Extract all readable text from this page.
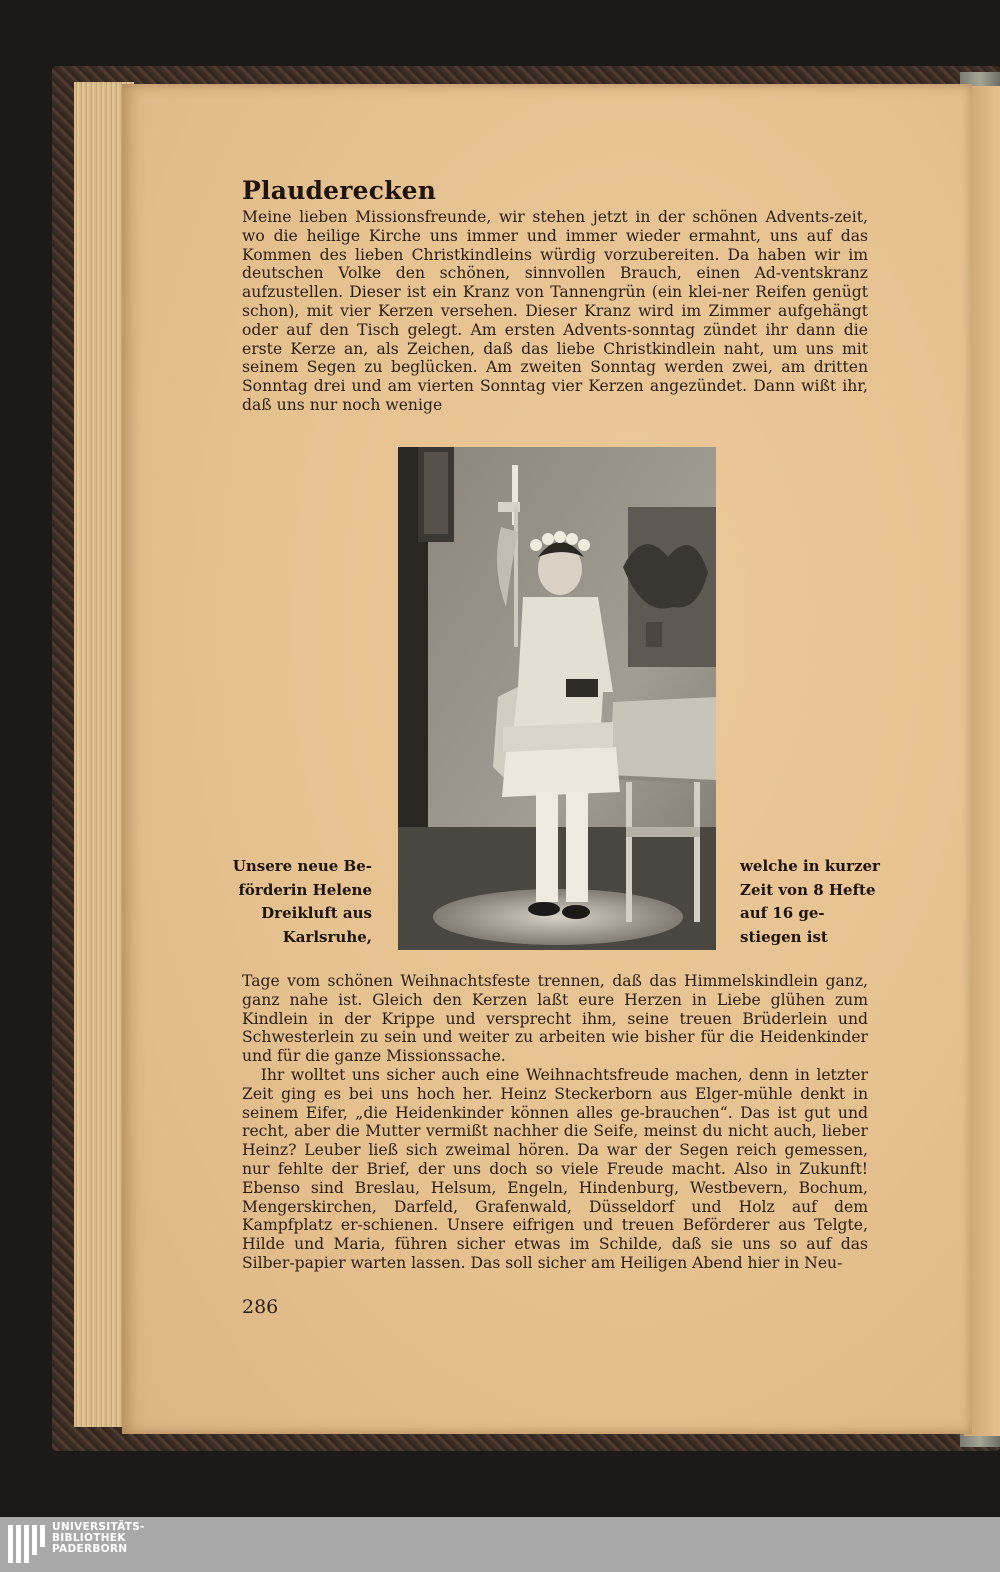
Plauderecken

Meine lieben Missionsfreunde, wir stehen jetzt in der schönen Advents-zeit, wo die heilige Kirche uns immer und immer wieder ermahnt, uns auf das Kommen des lieben Christkindleins würdig vorzubereiten. Da haben wir im deutschen Volke den schönen, sinnvollen Brauch, einen Ad-ventskranz aufzustellen. Dieser ist ein Kranz von Tannengrün (ein klei-ner Reifen genügt schon), mit vier Kerzen versehen. Dieser Kranz wird im Zimmer aufgehängt oder auf den Tisch gelegt. Am ersten Advents-sonntag zündet ihr dann die erste Kerze an, als Zeichen, daß das liebe Christkindlein naht, um uns mit seinem Segen zu beglücken. Am zweiten Sonntag werden zwei, am dritten Sonntag drei und am vierten Sonntag vier Kerzen angezündet. Dann wißt ihr, daß uns nur noch wenige

Unsere neue Be-förderin Helene Dreikluft aus Karlsruhe,
welche in kurzer Zeit von 8 Hefte auf 16 ge-stiegen ist

Tage vom schönen Weihnachtsfeste trennen, daß das Himmelskindlein ganz, ganz nahe ist. Gleich den Kerzen laßt eure Herzen in Liebe glühen zum Kindlein in der Krippe und versprecht ihm, seine treuen Brüderlein und Schwesterlein zu sein und weiter zu arbeiten wie bisher für die Heidenkinder und für die ganze Missionssache.

Ihr wolltet uns sicher auch eine Weihnachtsfreude machen, denn in letzter Zeit ging es bei uns hoch her. Heinz Steckerborn aus Elger-mühle denkt in seinem Eifer, „die Heidenkinder können alles ge-brauchen“. Das ist gut und recht, aber die Mutter vermißt nachher die Seife, meinst du nicht auch, lieber Heinz? Leuber ließ sich zweimal hören. Da war der Segen reich gemessen, nur fehlte der Brief, der uns doch so viele Freude macht. Also in Zukunft! Ebenso sind Breslau, Helsum, Engeln, Hindenburg, Westbevern, Bochum, Mengerskirchen, Darfeld, Grafenwald, Düsseldorf und Holz auf dem Kampfplatz er-schienen. Unsere eifrigen und treuen Beförderer aus Telgte, Hilde und Maria, führen sicher etwas im Schilde, daß sie uns so auf das Silber-papier warten lassen. Das soll sicher am Heiligen Abend hier in Neu-

286
UNIVERSITÄTS-
BIBLIOTHEK
PADERBORN
